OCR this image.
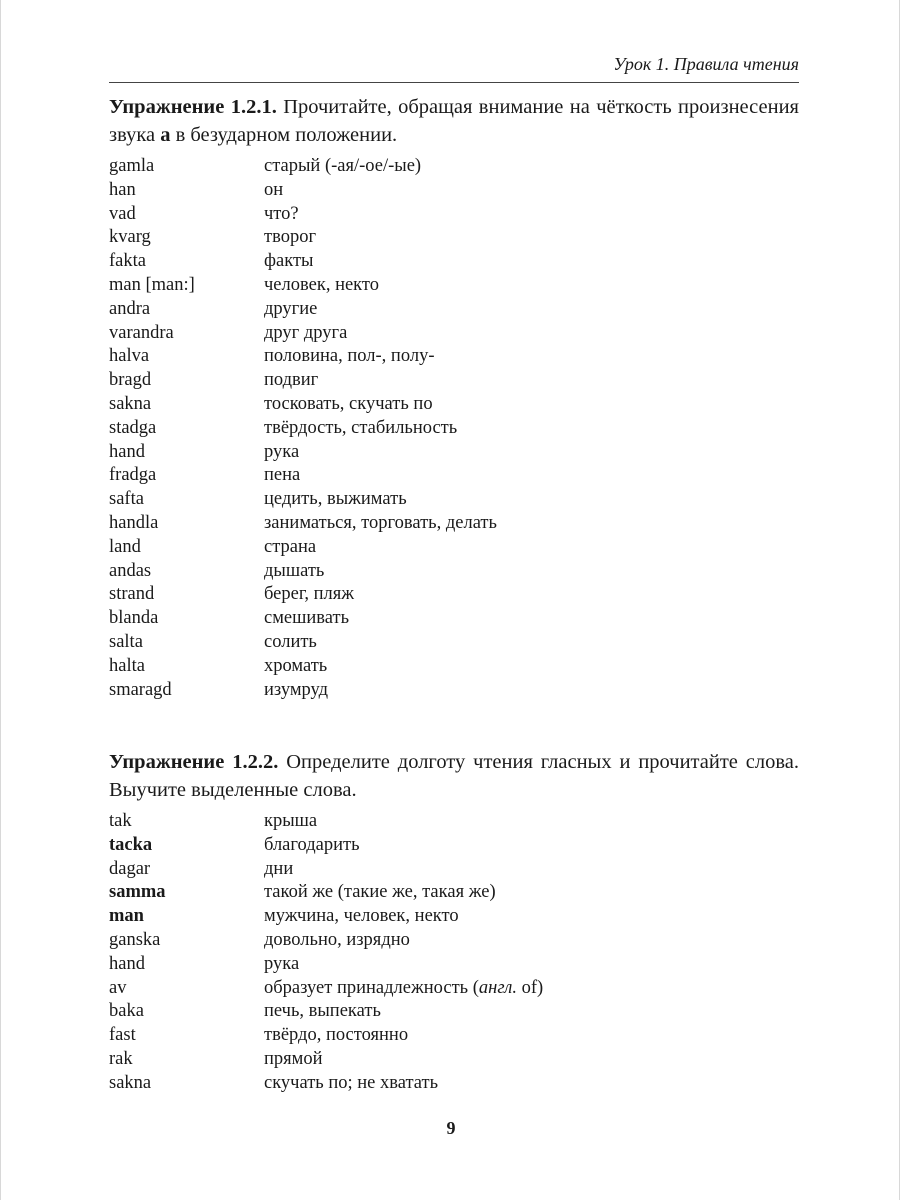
Урок 1. Правила чтения
Упражнение 1.2.1. Прочитайте, обращая внимание на чёткость произнесения звука а в безударном положении.
gamla	старый (-ая/-ое/-ые)
han	он
vad	что?
kvarg	творог
fakta	факты
man [man:]	человек, некто
andra	другие
varandra	друг друга
halva	половина, пол-, полу-
bragd	подвиг
sakna	тосковать, скучать по
stadga	твёрдость, стабильность
hand	рука
fradga	пена
safta	цедить, выжимать
handla	заниматься, торговать, делать
land	страна
andas	дышать
strand	берег, пляж
blanda	смешивать
salta	солить
halta	хромать
smaragd	изумруд
Упражнение 1.2.2. Определите долготу чтения гласных и прочитайте слова. Выучите выделенные слова.
tak	крыша
tacka	благодарить
dagar	дни
samma	такой же (такие же, такая же)
man	мужчина, человек, некто
ganska	довольно, изрядно
hand	рука
av	образует принадлежность (англ. of)
baka	печь, выпекать
fast	твёрдо, постоянно
rak	прямой
sakna	скучать по; не хватать
9
